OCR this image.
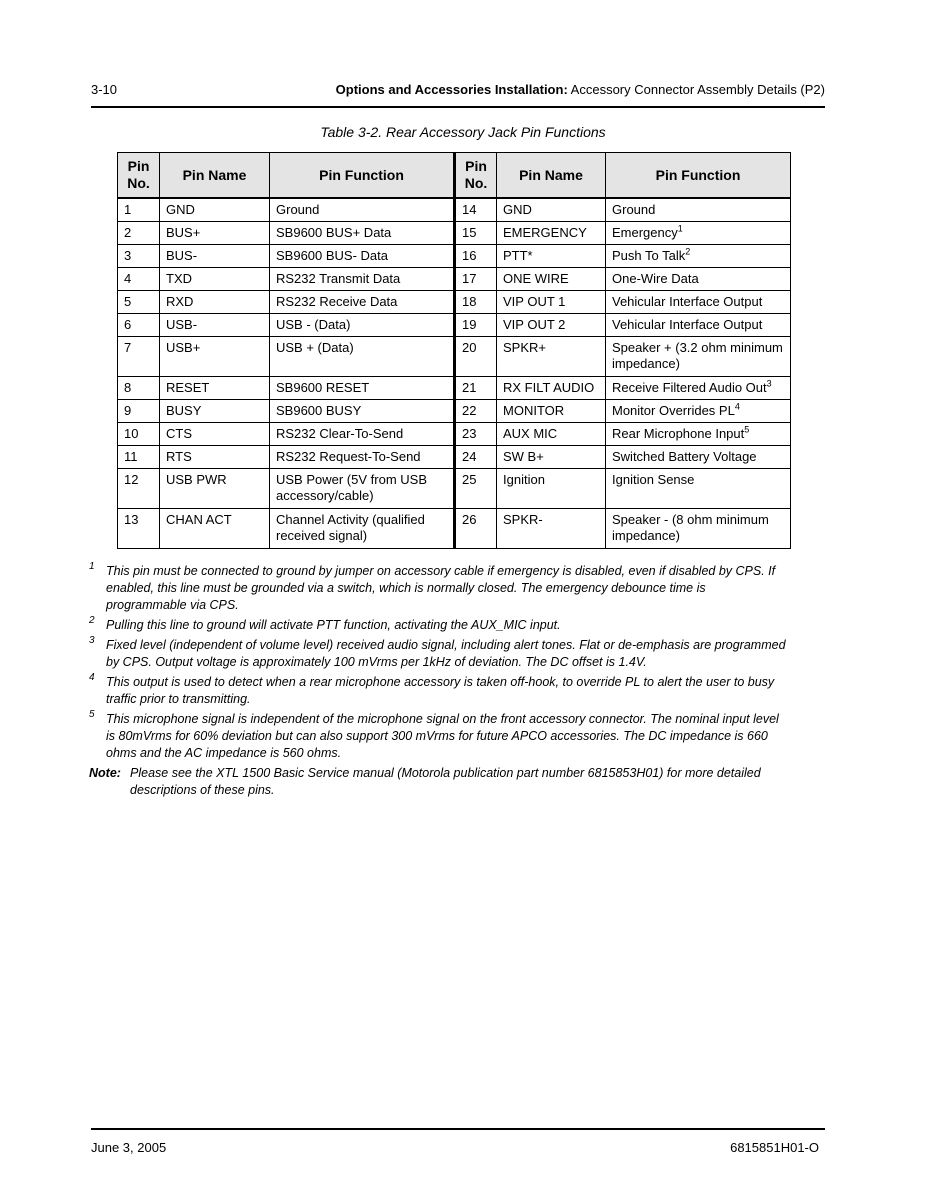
3-10	Options and Accessories Installation: Accessory Connector Assembly Details (P2)
Table 3-2. Rear Accessory Jack Pin Functions
Pin
No.	Pin Name	Pin Function	Pin
No.	Pin Name	Pin Function
1	GND	Ground	14	GND	Ground
2	BUS+	SB9600 BUS+ Data	15	EMERGENCY	Emergency$^1$
3	BUS-	SB9600 BUS- Data	16	PTT*	Push To Talk$^2$
4	TXD	RS232 Transmit Data	17	ONE WIRE	One-Wire Data
5	RXD	RS232 Receive Data	18	VIP OUT 1	Vehicular Interface Output
6	USB-	USB - (Data)	19	VIP OUT 2	Vehicular Interface Output
7	USB+	USB + (Data)	20	SPKR+	Speaker + (3.2 ohm minimum impedance)
8	RESET	SB9600 RESET	21	RX FILT AUDIO	Receive Filtered Audio Out$^3$
9	BUSY	SB9600 BUSY	22	MONITOR	Monitor Overrides $PL^4$
10	CTS	RS232 Clear-To-Send	23	AUX MIC	Rear Microphone Input$^5$
11	RTS	RS232 Request-To-Send	24	SW B+	Switched Battery Voltage
12	USB PWR	USB Power (5V from USB accessory/cable)	25	Ignition	Ignition Sense
13	CHAN ACT	Channel Activity (qualified received signal)	26	SPKR-	Speaker - (8 ohm minimum impedance)
1 This pin must be connected to ground by jumper on accessory cable if emergency is disabled, even if disabled by CPS. If enabled, this line must be grounded via a switch, which is normally closed. The emergency debounce time is programmable via CPS.
2 Pulling this line to ground will activate PTT function, activating the AUX_MIC input.
3 Fixed level (independent of volume level) received audio signal, including alert tones. Flat or de-emphasis are programmed by CPS. Output voltage is approximately 100 mVrms per 1kHz of deviation. The DC offset is 1.4V.
4 This output is used to detect when a rear microphone accessory is taken off-hook, to override PL to alert the user to busy traffic prior to transmitting.
5 This microphone signal is independent of the microphone signal on the front accessory connector. The nominal input level is 80mVrms for 60% deviation but can also support 300 mVrms for future APCO accessories. The DC impedance is 660 ohms and the AC impedance is 560 ohms.
Note: Please see the XTL 1500 Basic Service manual (Motorola publication part number 6815853H01) for more detailed descriptions of these pins.
June 3, 2005	6815851H01-O
